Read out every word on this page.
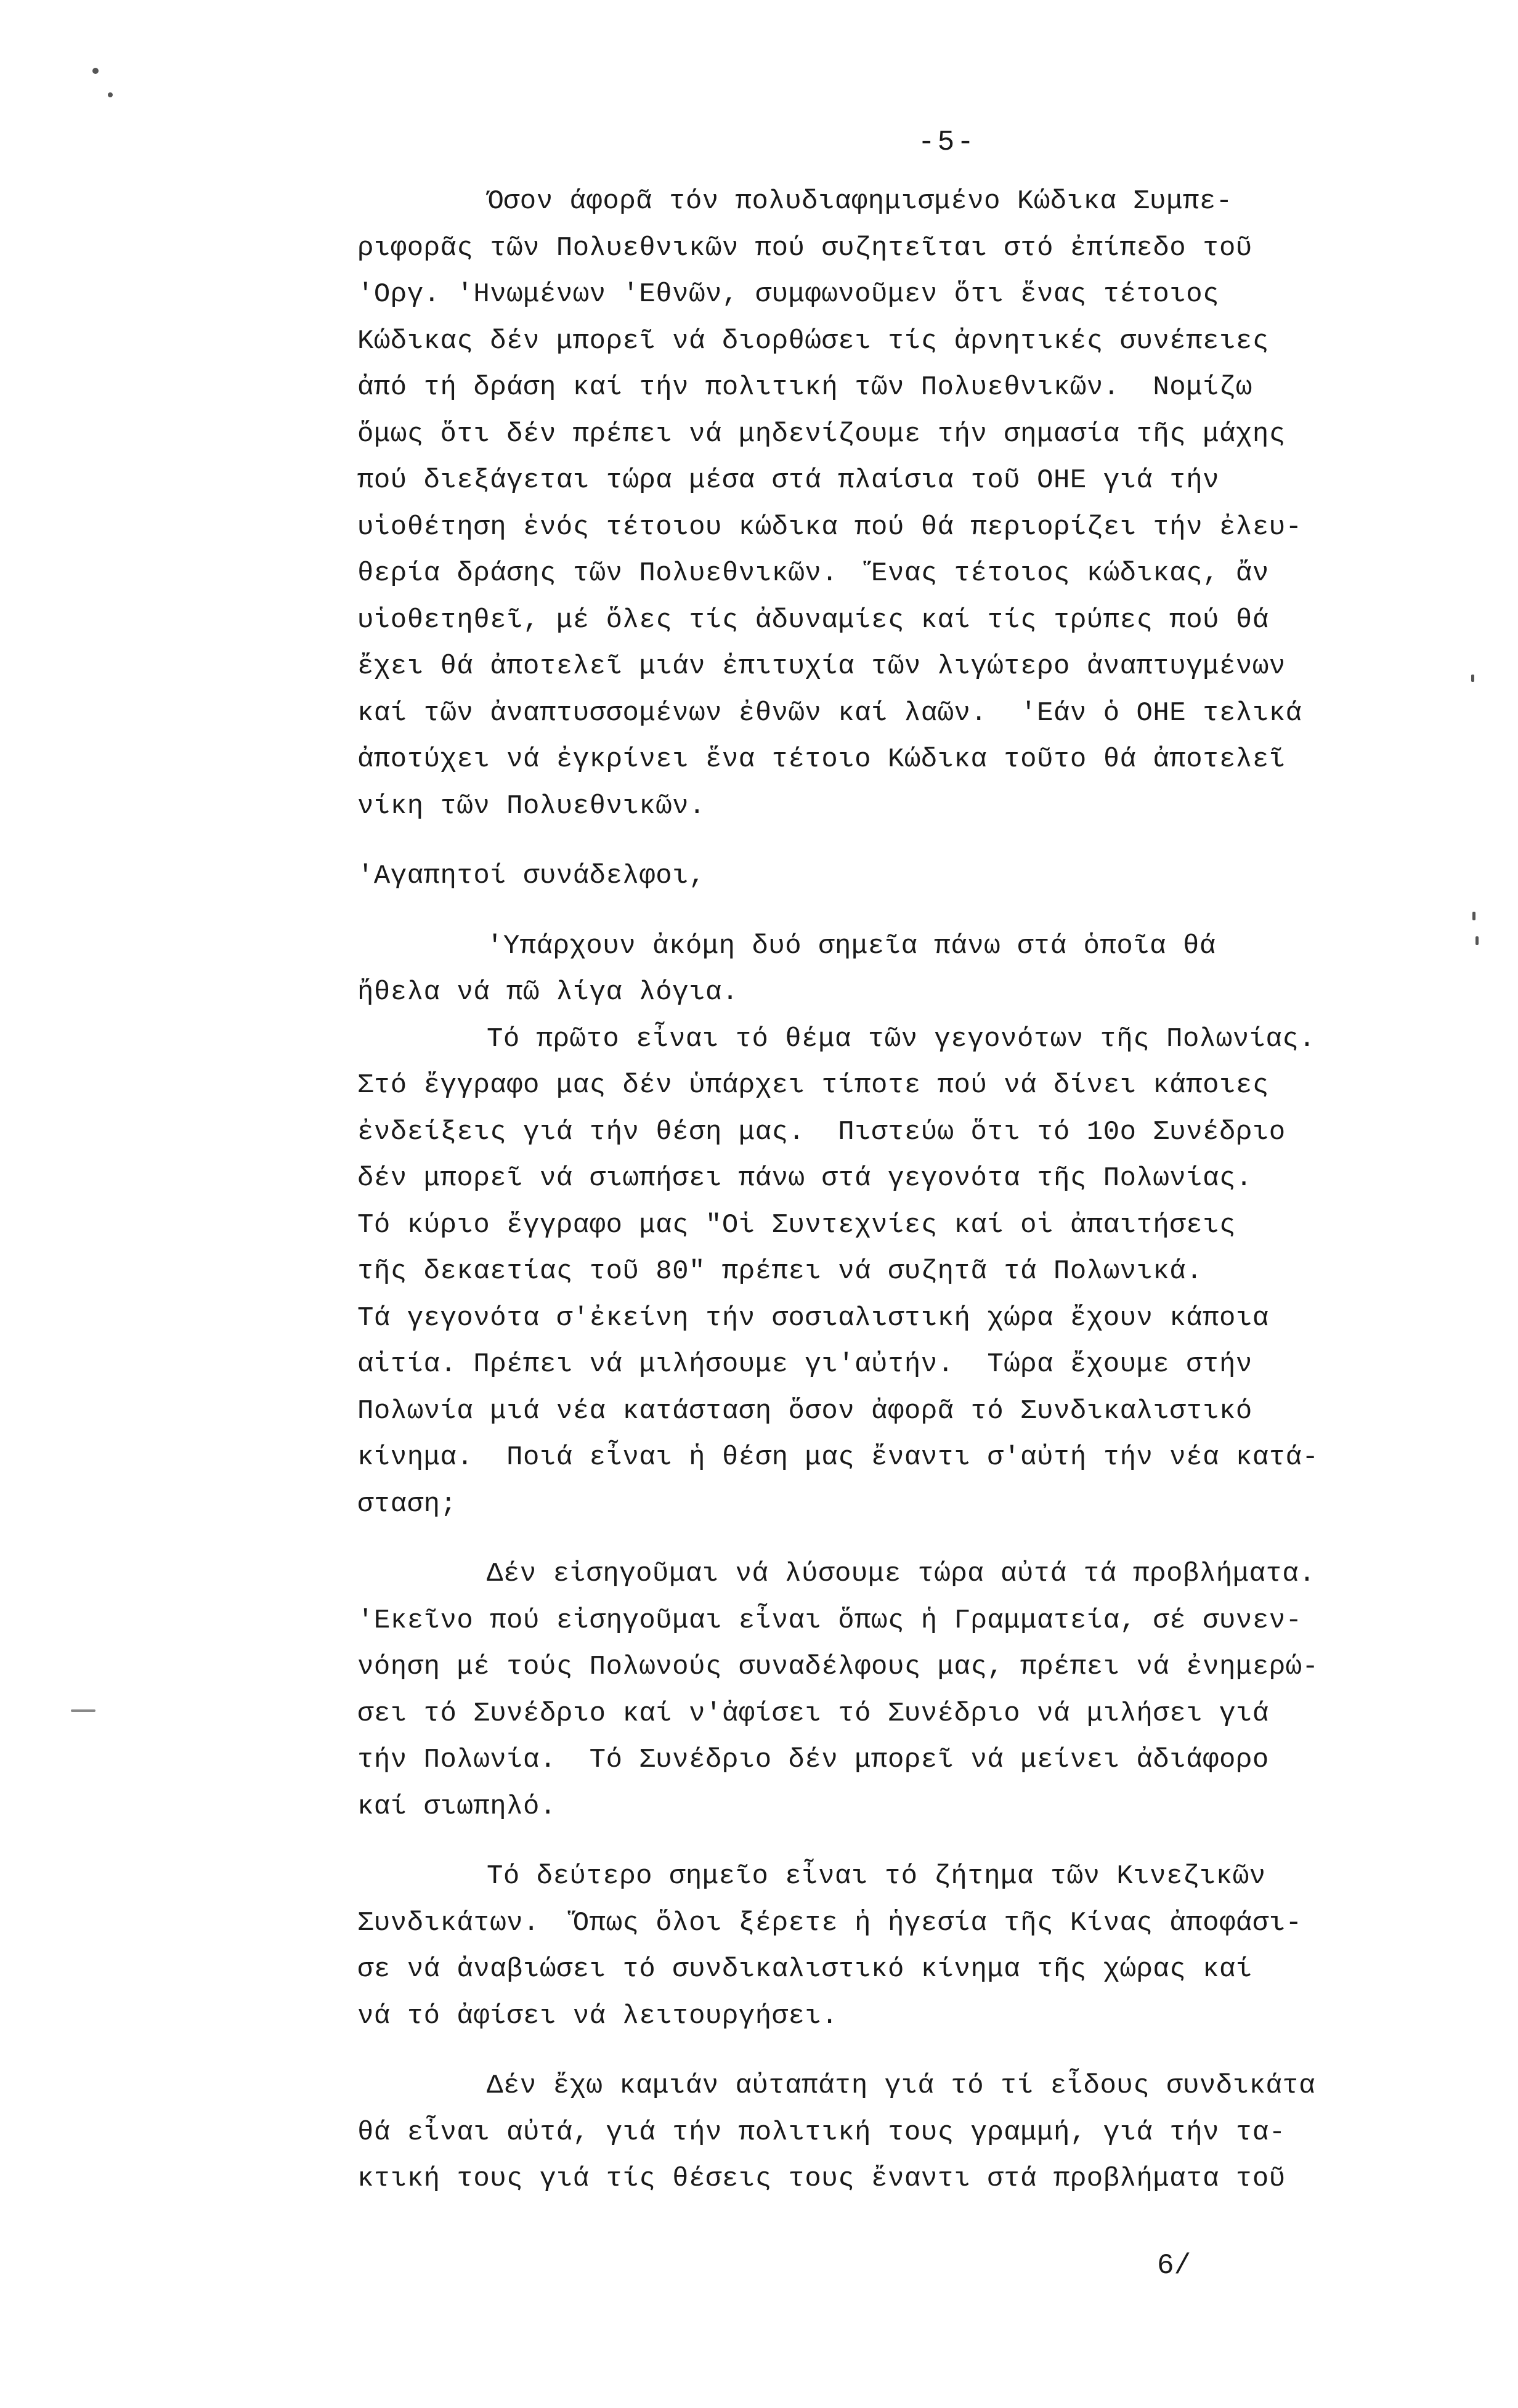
-5-
Όσον άφορᾶ τόν πολυδιαφημισμένο Κώδικα Συμπε-
ριφορᾶς τῶν Πολυεθνικῶν πού συζητεῖται στό ἐπίπεδο τοῦ
'Οργ. 'Ηνωμένων 'Εθνῶν, συμφωνοῦμεν ὅτι ἕνας τέτοιος
Κώδικας δέν μπορεῖ νά διορθώσει τίς ἀρνητικές συνέπειες
ἀπό τή δράση καί τήν πολιτική τῶν Πολυεθνικῶν.  Νομίζω
ὅμως ὅτι δέν πρέπει νά μηδενίζουμε τήν σημασία τῆς μάχης
πού διεξάγεται τώρα μέσα στά πλαίσια τοῦ ΟΗΕ γιά τήν
υἱοθέτηση ἑνός τέτοιου κώδικα πού θά περιορίζει τήν ἐλευ-
θερία δράσης τῶν Πολυεθνικῶν.  Ἕνας τέτοιος κώδικας, ἄν
υἱοθετηθεῖ, μέ ὅλες τίς ἀδυναμίες καί τίς τρύπες πού θά
ἔχει θά ἀποτελεῖ μιάν ἐπιτυχία τῶν λιγώτερο ἀναπτυγμένων
καί τῶν ἀναπτυσσομένων ἐθνῶν καί λαῶν.  'Εάν ὁ ΟΗΕ τελικά
ἀποτύχει νά ἐγκρίνει ἕνα τέτοιο Κώδικα τοῦτο θά ἀποτελεῖ
νίκη τῶν Πολυεθνικῶν.
'Αγαπητοί συνάδελφοι,
'Υπάρχουν ἀκόμη δυό σημεῖα πάνω στά ὁποῖα θά
ἤθελα νά πῶ λίγα λόγια.
Τό πρῶτο εἶναι τό θέμα τῶν γεγονότων τῆς Πολωνίας.
Στό ἔγγραφο μας δέν ὑπάρχει τίποτε πού νά δίνει κάποιες
ἐνδείξεις γιά τήν θέση μας.  Πιστεύω ὅτι τό 10ο Συνέδριο
δέν μπορεῖ νά σιωπήσει πάνω στά γεγονότα τῆς Πολωνίας.
Τό κύριο ἔγγραφο μας "Οἱ Συντεχνίες καί οἱ ἀπαιτήσεις
τῆς δεκαετίας τοῦ 80" πρέπει νά συζητᾶ τά Πολωνικά.
Τά γεγονότα σ'ἐκείνη τήν σοσιαλιστική χώρα ἔχουν κάποια
αἰτία. Πρέπει νά μιλήσουμε γι'αὐτήν.  Τώρα ἔχουμε στήν
Πολωνία μιά νέα κατάσταση ὅσον ἀφορᾶ τό Συνδικαλιστικό
κίνημα.  Ποιά εἶναι ἡ θέση μας ἔναντι σ'αὐτή τήν νέα κατά-
σταση;
Δέν εἰσηγοῦμαι νά λύσουμε τώρα αὐτά τά προβλήματα.
'Εκεῖνο πού εἰσηγοῦμαι εἶναι ὅπως ἡ Γραμματεία, σέ συνεν-
νόηση μέ τούς Πολωνούς συναδέλφους μας, πρέπει νά ἐνημερώ-
σει τό Συνέδριο καί ν'ἀφίσει τό Συνέδριο νά μιλήσει γιά
τήν Πολωνία.  Τό Συνέδριο δέν μπορεῖ νά μείνει ἀδιάφορο
καί σιωπηλό.
Τό δεύτερο σημεῖο εἶναι τό ζήτημα τῶν Κινεζικῶν
Συνδικάτων.  Ὅπως ὅλοι ξέρετε ἡ ἡγεσία τῆς Κίνας ἀποφάσι-
σε νά ἀναβιώσει τό συνδικαλιστικό κίνημα τῆς χώρας καί
νά τό ἀφίσει νά λειτουργήσει.
Δέν ἔχω καμιάν αὐταπάτη γιά τό τί εἶδους συνδικάτα
θά εἶναι αὐτά, γιά τήν πολιτική τους γραμμή, γιά τήν τα-
κτική τους γιά τίς θέσεις τους ἔναντι στά προβλήματα τοῦ
6/
